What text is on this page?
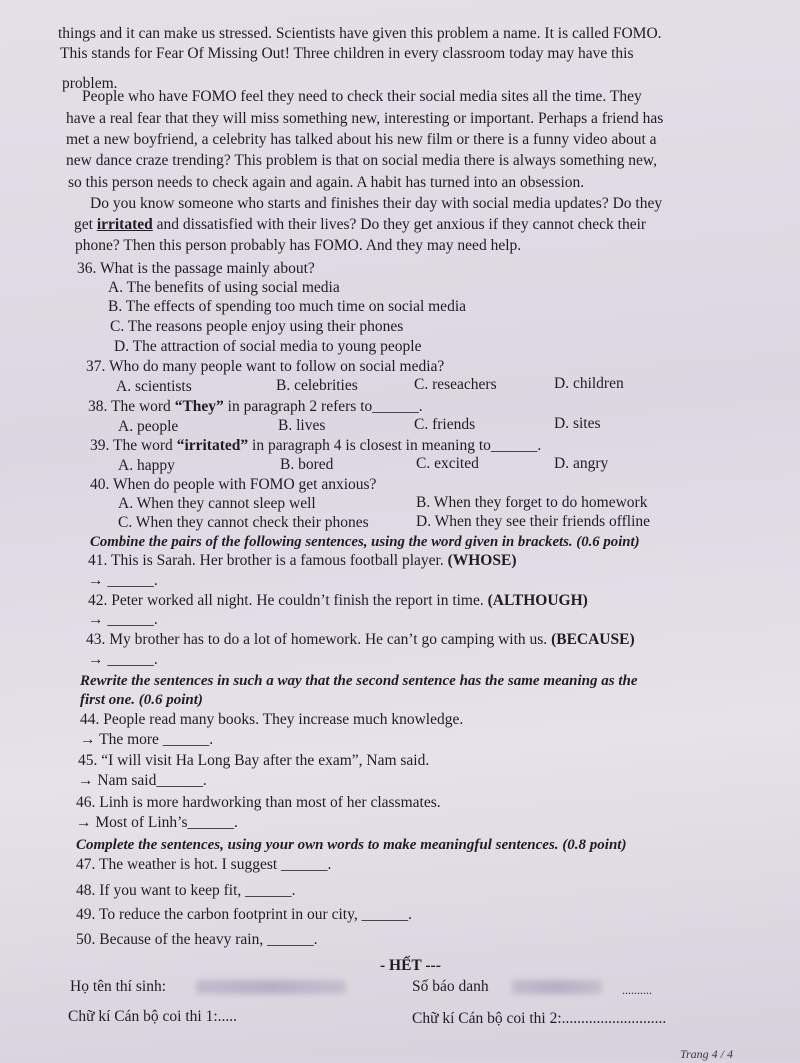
things and it can make us stressed. Scientists have given this problem a name. It is called FOMO.
This stands for Fear Of Missing Out! Three children in every classroom today may have this
problem.
People who have FOMO feel they need to check their social media sites all the time. They
have a real fear that they will miss something new, interesting or important. Perhaps a friend has
met a new boyfriend, a celebrity has talked about his new film or there is a funny video about a
new dance craze trending? This problem is that on social media there is always something new,
so this person needs to check again and again. A habit has turned into an obsession.
Do you know someone who starts and finishes their day with social media updates? Do they
get irritated and dissatisfied with their lives? Do they get anxious if they cannot check their
phone? Then this person probably has FOMO. And they may need help.
36. What is the passage mainly about?
A. The benefits of using social media
B. The effects of spending too much time on social media
C. The reasons people enjoy using their phones
D. The attraction of social media to young people
37. Who do many people want to follow on social media?
A. scientists	B. celebrities	C. reseachers	D. children
38. The word “They” in paragraph 2 refers to______.
A. people	B. lives	C. friends	D. sites
39. The word “irritated” in paragraph 4 is closest in meaning to______.
A. happy	B. bored	C. excited	D. angry
40. When do people with FOMO get anxious?
A. When they cannot sleep well	B. When they forget to do homework
C. When they cannot check their phones	D. When they see their friends offline
Combine the pairs of the following sentences, using the word given in brackets. (0.6 point)
41. This is Sarah. Her brother is a famous football player. (WHOSE)
→ ______.
42. Peter worked all night. He couldn’t finish the report in time. (ALTHOUGH)
→ ______.
43. My brother has to do a lot of homework. He can’t go camping with us. (BECAUSE)
→ ______.
Rewrite the sentences in such a way that the second sentence has the same meaning as the
first one. (0.6 point)
44. People read many books. They increase much knowledge.
→ The more ______.
45. “I will visit Ha Long Bay after the exam”, Nam said.
→ Nam said______.
46. Linh is more hardworking than most of her classmates.
→ Most of Linh’s______.
Complete the sentences, using your own words to make meaningful sentences. (0.8 point)
47. The weather is hot. I suggest ______.
48. If you want to keep fit, ______.
49. To reduce the carbon footprint in our city, ______.
50. Because of the heavy rain, ______.
- HẾT ---
Họ tên thí sinh:	Số báo danh	..........
Chữ kí Cán bộ coi thi 1:.....	Chữ kí Cán bộ coi thi 2:...........................
Trang 4 / 4
